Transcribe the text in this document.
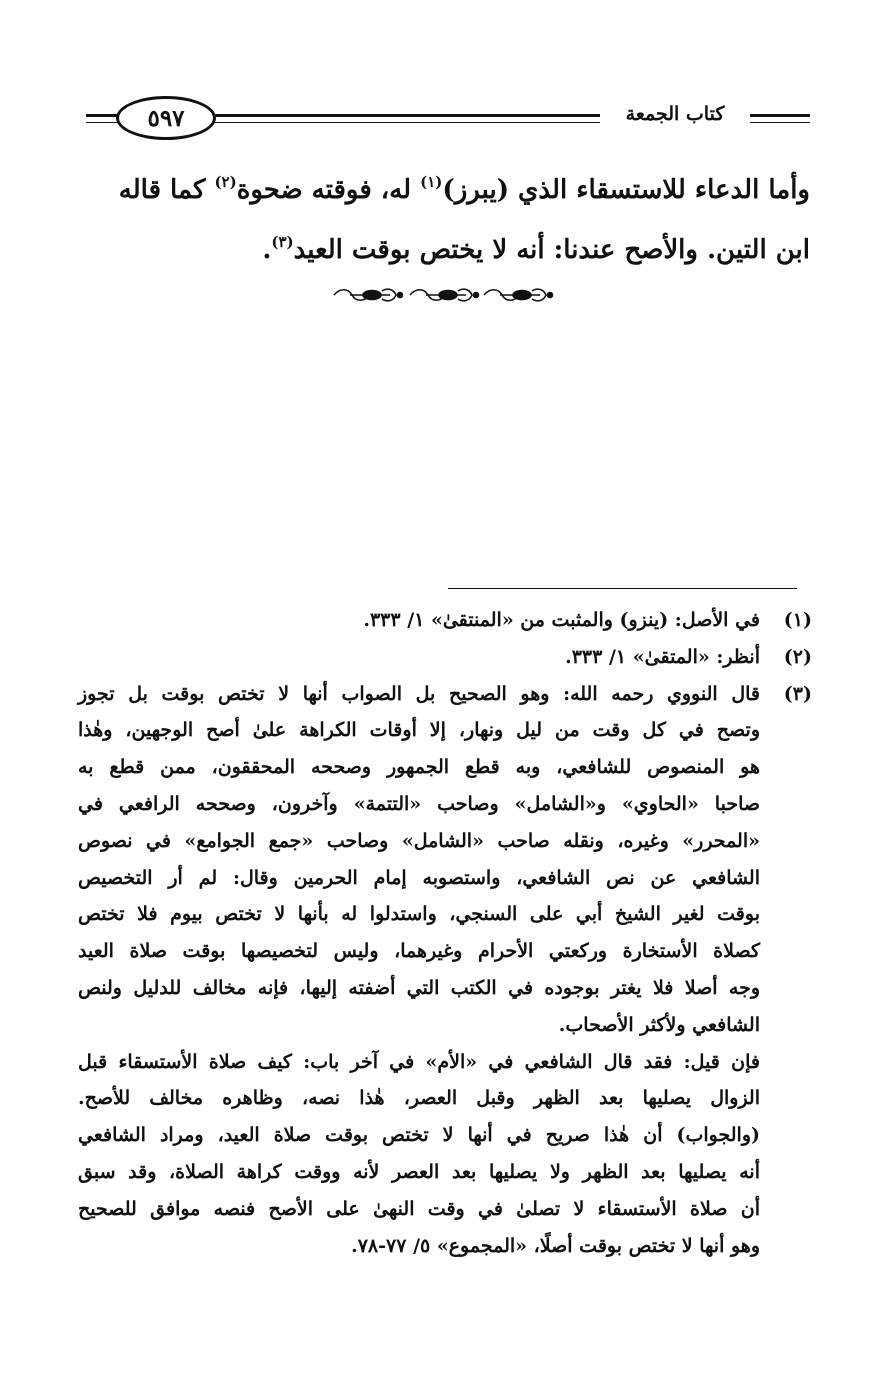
٥٩٧	كتاب الجمعة
وأما الدعاء للاستسقاء الذي (يبرز)$^{(١)}$ له، فوقته ضحوة$^{(٢)}$ كما قاله
ابن التين. والأصح عندنا: أنه لا يختص بوقت العيد$^{(٣)}$.
(١)
في الأصل: (ينزو) والمثبت من «المنتقىٰ» ١/ ٣٣٣.
(٢)
أنظر: «المتقىٰ» ١/ ٣٣٣.
(٣)
قال النووي رحمه الله: وهو الصحيح بل الصواب أنها لا تختص بوقت بل تجوز
وتصح في كل وقت من ليل ونهار، إلا أوقات الكراهة علىٰ أصح الوجهين، وهٰذا
هو المنصوص للشافعي، وبه قطع الجمهور وصححه المحققون، ممن قطع به
صاحبا «الحاوي» و«الشامل» وصاحب «التتمة» وآخرون، وصححه الرافعي في
«المحرر» وغيره، ونقله صاحب «الشامل» وصاحب «جمع الجوامع» في نصوص
الشافعي عن نص الشافعي، واستصوبه إمام الحرمين وقال: لم أر التخصيص
بوقت لغير الشيخ أبي على السنجي، واستدلوا له بأنها لا تختص بيوم فلا تختص
كصلاة الأستخارة وركعتي الأحرام وغيرهما، وليس لتخصيصها بوقت صلاة العيد
وجه أصلا فلا يغتر بوجوده في الكتب التي أضفته إليها، فإنه مخالف للدليل ولنص
الشافعي ولأكثر الأصحاب.
فإن قيل: فقد قال الشافعي في «الأم» في آخر باب: كيف صلاة الأستسقاء قبل
الزوال يصليها بعد الظهر وقبل العصر، هٰذا نصه، وظاهره مخالف للأصح.
(والجواب) أن هٰذا صريح في أنها لا تختص بوقت صلاة العيد، ومراد الشافعي
أنه يصليها بعد الظهر ولا يصليها بعد العصر لأنه ووقت كراهة الصلاة، وقد سبق
أن صلاة الأستسقاء لا تصلىٰ في وقت النهىٰ على الأصح فنصه موافق للصحيح
وهو أنها لا تختص بوقت أصلًا، «المجموع» ٥/ ٧٧-٧٨.
